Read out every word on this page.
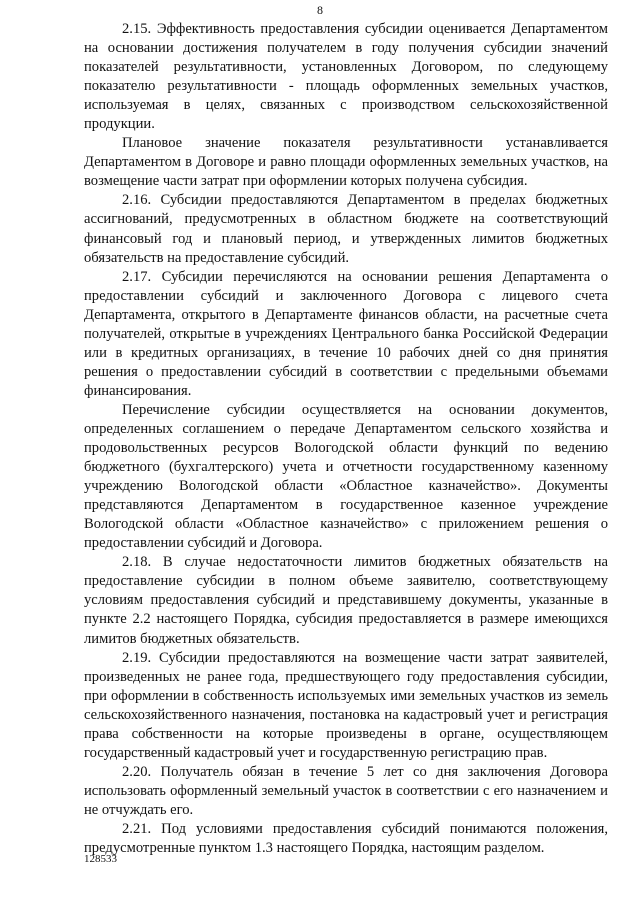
8

2.15. Эффективность предоставления субсидии оценивается Департаментом на основании достижения получателем в году получения субсидии значений показателей результативности, установленных Договором, по следующему показателю результативности - площадь оформленных земельных участков, используемая в целях, связанных с производством сельскохозяйственной продукции.

Плановое значение показателя результативности устанавливается Департаментом в Договоре и равно площади оформленных земельных участков, на возмещение части затрат при оформлении которых получена субсидия.

2.16. Субсидии предоставляются Департаментом в пределах бюджетных ассигнований, предусмотренных в областном бюджете на соответствующий финансовый год и плановый период, и утвержденных лимитов бюджетных обязательств на предоставление субсидий.

2.17. Субсидии перечисляются на основании решения Департамента о предоставлении субсидий и заключенного Договора с лицевого счета Департамента, открытого в Департаменте финансов области, на расчетные счета получателей, открытые в учреждениях Центрального банка Российской Федерации или в кредитных организациях, в течение 10 рабочих дней со дня принятия решения о предоставлении субсидий в соответствии с предельными объемами финансирования.

Перечисление субсидии осуществляется на основании документов, определенных соглашением о передаче Департаментом сельского хозяйства и продовольственных ресурсов Вологодской области функций по ведению бюджетного (бухгалтерского) учета и отчетности государственному казенному учреждению Вологодской области «Областное казначейство». Документы представляются Департаментом в государственное казенное учреждение Вологодской области «Областное казначейство» с приложением решения о предоставлении субсидий и Договора.

2.18. В случае недостаточности лимитов бюджетных обязательств на предоставление субсидии в полном объеме заявителю, соответствующему условиям предоставления субсидий и представившему документы, указанные в пункте 2.2 настоящего Порядка, субсидия предоставляется в размере имеющихся лимитов бюджетных обязательств.

2.19. Субсидии предоставляются на возмещение части затрат заявителей, произведенных не ранее года, предшествующего году предоставления субсидии, при оформлении в собственность используемых ими земельных участков из земель сельскохозяйственного назначения, постановка на кадастровый учет и регистрация права собственности на которые произведены в органе, осуществляющем государственный кадастровый учет и государственную регистрацию прав.

2.20. Получатель обязан в течение 5 лет со дня заключения Договора использовать оформленный земельный участок в соответствии с его назначением и не отчуждать его.

2.21. Под условиями предоставления субсидий понимаются положения, предусмотренные пунктом 1.3 настоящего Порядка, настоящим разделом.

128533
